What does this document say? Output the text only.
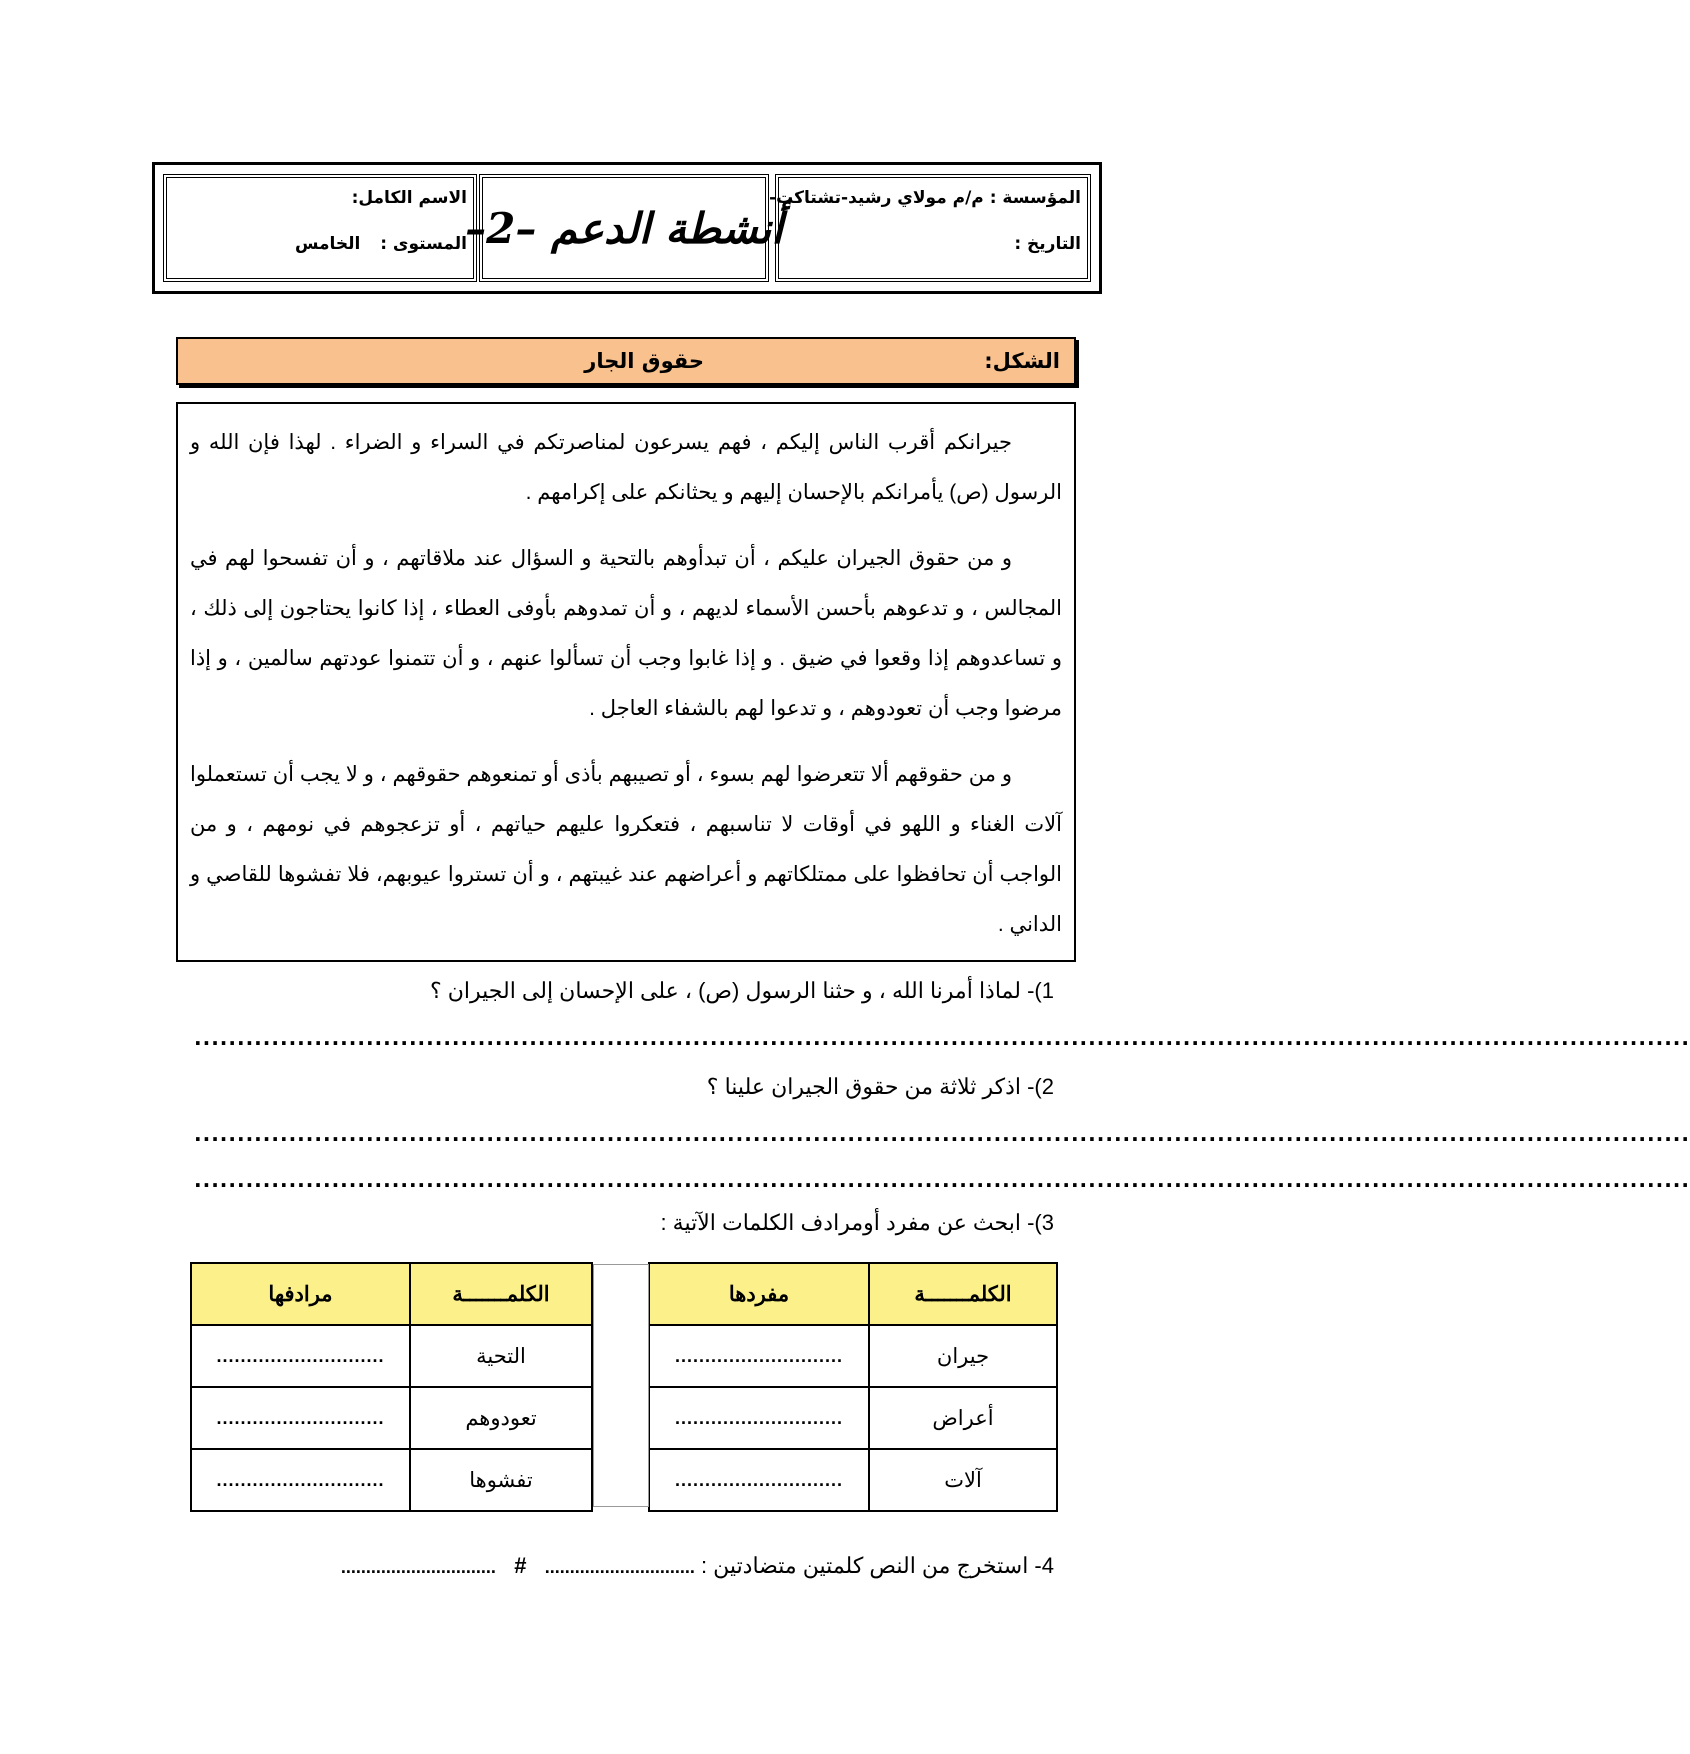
المؤسسة : م/م مولاي رشيد-تشتاكت-
التاريخ :
أنشطة الدعم –2–
الاسم الكامل:
المستوى :  الخامس
الشكل:
حقوق الجار

جيرانكم أقرب الناس إليكم ، فهم يسرعون لمناصرتكم في السراء و الضراء . لهذا فإن الله و الرسول (ص) يأمرانكم بالإحسان إليهم و يحثانكم على إكرامهم .

و من حقوق الجيران عليكم ، أن تبدأوهم بالتحية و السؤال عند ملاقاتهم ، و أن تفسحوا لهم في المجالس ، و تدعوهم بأحسن الأسماء لديهم ، و أن تمدوهم بأوفى العطاء ، إذا كانوا يحتاجون إلى ذلك ، و تساعدوهم إذا وقعوا في ضيق . و إذا غابوا وجب أن تسألوا عنهم ، و أن تتمنوا عودتهم سالمين ، و إذا مرضوا وجب أن تعودوهم ، و تدعوا لهم بالشفاء العاجل .

و من حقوقهم ألا تتعرضوا لهم بسوء ، أو تصيبهم بأذى أو تمنعوهم حقوقهم ، و لا يجب أن تستعملوا آلات الغناء و اللهو في أوقات لا تناسبهم ، فتعكروا عليهم حياتهم ، أو تزعجوهم في نومهم ، و من الواجب أن تحافظوا على ممتلكاتهم و أعراضهم عند غيبتهم ، و أن تستروا عيوبهم، فلا تفشوها للقاصي و الداني .

1)- لماذا أمرنا الله ، و حثنا الرسول (ص) ، على الإحسان إلى الجيران ؟
..............................................................................................................................................................................
2)- اذكر ثلاثة من حقوق الجيران علينا ؟
..............................................................................................................................................................................
..............................................................................................................................................................................
3)- ابحث عن مفرد أومرادف الكلمات الآتية :
الكلمـــــــة	مفردها
جيران	............................
أعراض	............................
آلات	............................
الكلمـــــــة	مرادفها
التحية	............................
تعودوهم	............................
تفشوها	............................
4- استخرج من النص كلمتين متضادتين : ..............................   #   ...............................
